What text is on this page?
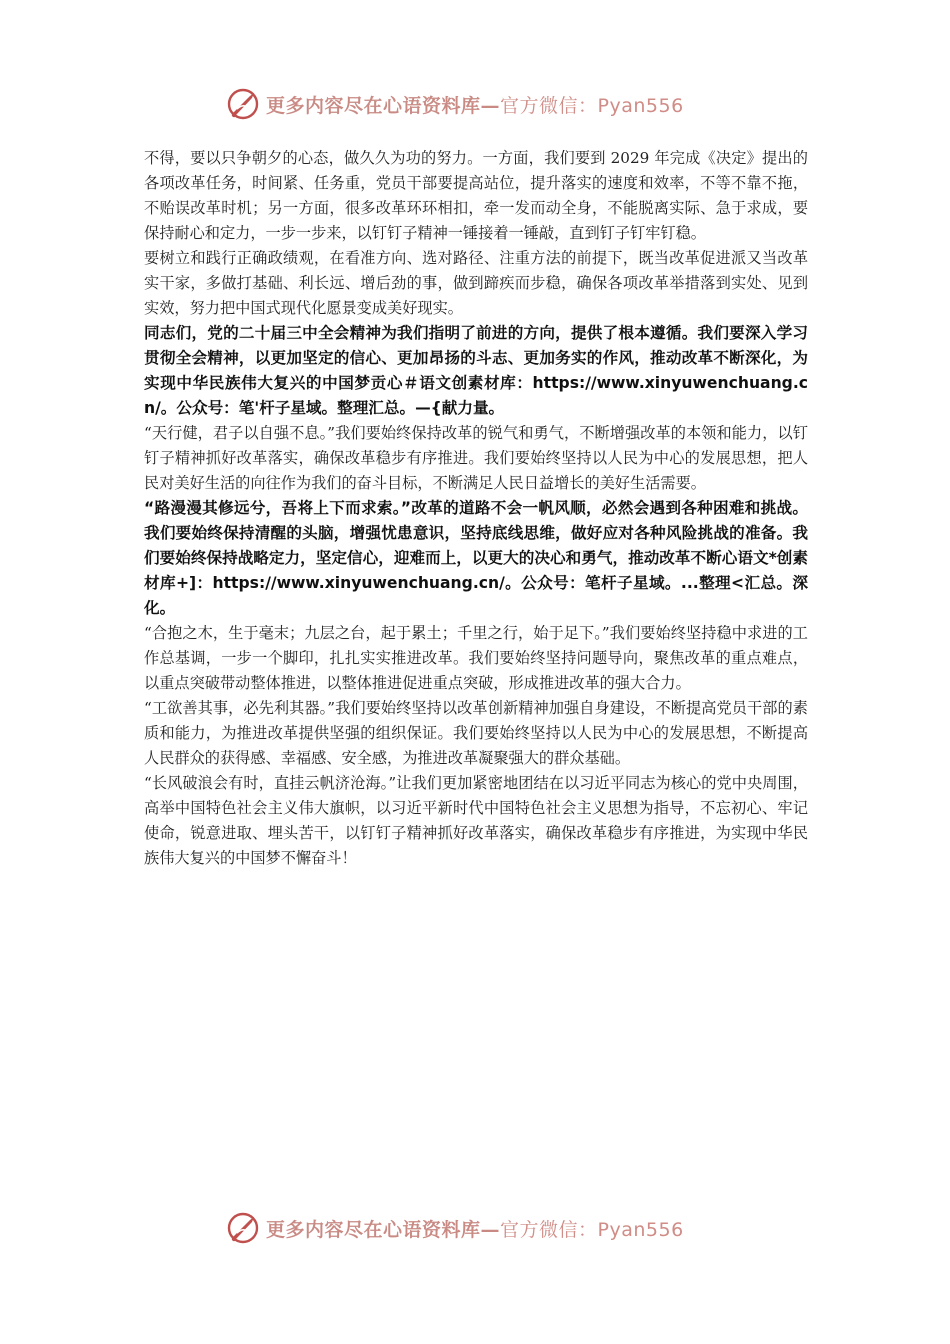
更多内容尽在心语资料库—官方微信：Pyan556

不得，要以只争朝夕的心态，做久久为功的努力。一方面，我们要到 2029 年完成《决定》提出的各项改革任务，时间紧、任务重，党员干部要提高站位，提升落实的速度和效率，不等不靠不拖，不贻误改革时机；另一方面，很多改革环环相扣，牵一发而动全身，不能脱离实际、急于求成，要保持耐心和定力，一步一步来，以钉钉子精神一锤接着一锤敲，直到钉子钉牢钉稳。

要树立和践行正确政绩观，在看准方向、选对路径、注重方法的前提下，既当改革促进派又当改革实干家，多做打基础、利长远、增后劲的事，做到蹄疾而步稳，确保各项改革举措落到实处、见到实效，努力把中国式现代化愿景变成美好现实。

同志们，党的二十届三中全会精神为我们指明了前进的方向，提供了根本遵循。我们要深入学习贯彻全会精神，以更加坚定的信心、更加昂扬的斗志、更加务实的作风，推动改革不断深化，为实现中华民族伟大复兴的中国梦贡心＃语文创素材库：https://www.xinyuwenchuang.cn/。公众号：笔'杆子星域。整理汇总。—{献力量。

“天行健，君子以自强不息。”我们要始终保持改革的锐气和勇气，不断增强改革的本领和能力，以钉钉子精神抓好改革落实，确保改革稳步有序推进。我们要始终坚持以人民为中心的发展思想，把人民对美好生活的向往作为我们的奋斗目标，不断满足人民日益增长的美好生活需要。

“路漫漫其修远兮，吾将上下而求索。”改革的道路不会一帆风顺，必然会遇到各种困难和挑战。我们要始终保持清醒的头脑，增强忧患意识，坚持底线思维，做好应对各种风险挑战的准备。我们要始终保持战略定力，坚定信心，迎难而上，以更大的决心和勇气，推动改革不断心语文*创素材库+]：https://www.xinyuwenchuang.cn/。公众号：笔杆子星域。...整理<汇总。深化。

“合抱之木，生于毫末；九层之台，起于累土；千里之行，始于足下。”我们要始终坚持稳中求进的工作总基调，一步一个脚印，扎扎实实推进改革。我们要始终坚持问题导向，聚焦改革的重点难点，以重点突破带动整体推进，以整体推进促进重点突破，形成推进改革的强大合力。

“工欲善其事，必先利其器。”我们要始终坚持以改革创新精神加强自身建设，不断提高党员干部的素质和能力，为推进改革提供坚强的组织保证。我们要始终坚持以人民为中心的发展思想，不断提高人民群众的获得感、幸福感、安全感，为推进改革凝聚强大的群众基础。

“长风破浪会有时，直挂云帆济沧海。”让我们更加紧密地团结在以习近平同志为核心的党中央周围，高举中国特色社会主义伟大旗帜，以习近平新时代中国特色社会主义思想为指导，不忘初心、牢记使命，锐意进取、埋头苦干，以钉钉子精神抓好改革落实，确保改革稳步有序推进，为实现中华民族伟大复兴的中国梦不懈奋斗！

更多内容尽在心语资料库—官方微信：Pyan556
